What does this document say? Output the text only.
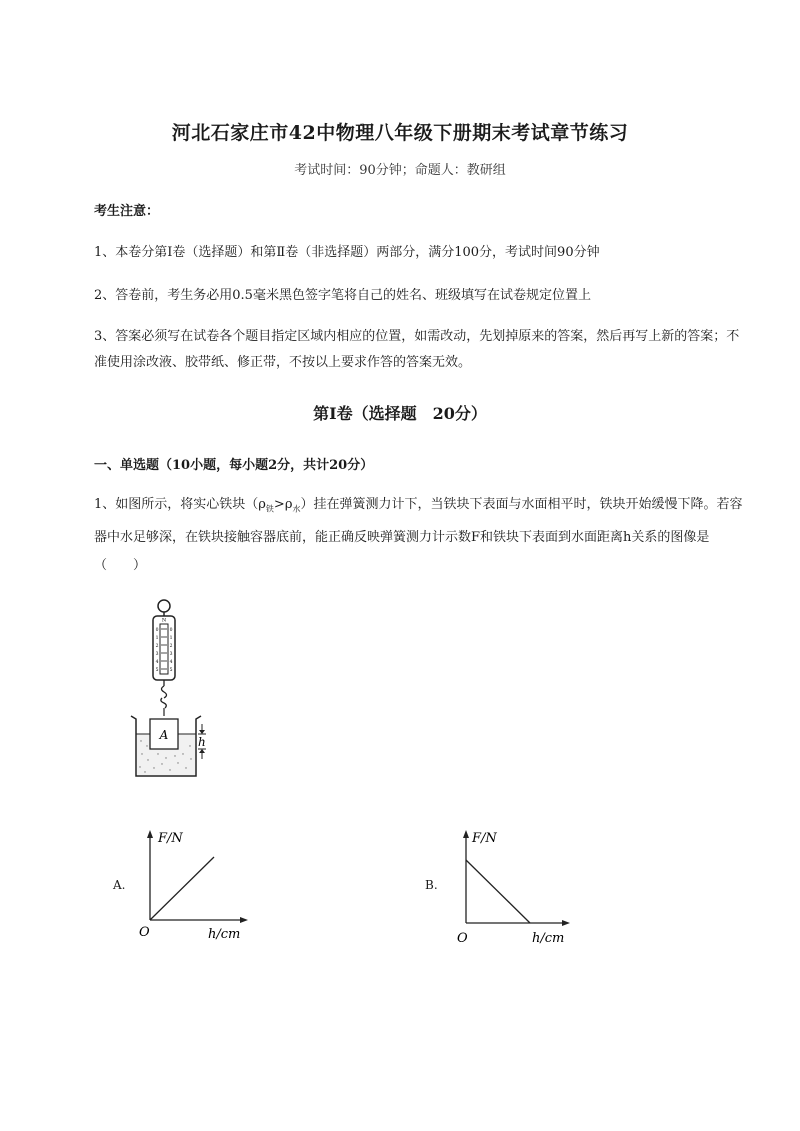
河北石家庄市42中物理八年级下册期末考试章节练习
考试时间：90分钟；命题人：教研组
考生注意：
1、本卷分第I卷（选择题）和第Ⅱ卷（非选择题）两部分，满分100分，考试时间90分钟
2、答卷前，考生务必用0.5毫米黑色签字笔将自己的姓名、班级填写在试卷规定位置上
3、答案必须写在试卷各个题目指定区域内相应的位置，如需改动，先划掉原来的答案，然后再写上新的答案；不准使用涂改液、胶带纸、修正带，不按以上要求作答的答案无效。
第I卷（选择题　20分）
一、单选题（10小题，每小题2分，共计20分）
1、如图所示，将实心铁块$(\rho_铁>\rho_水)$挂在弹簧测力计下，当铁块下表面与水面相平时，铁块开始缓慢下降。若容器中水足够深，在铁块接触容器底前，能正确反映弹簧测力计示数F和铁块下表面到水面距离h关系的图像是（　　）
N
0
1
2
3
4
5
0
1
2
3
4
5
A h
A.
F/N
O	h/cm
B.
F/N
O	h/cm
